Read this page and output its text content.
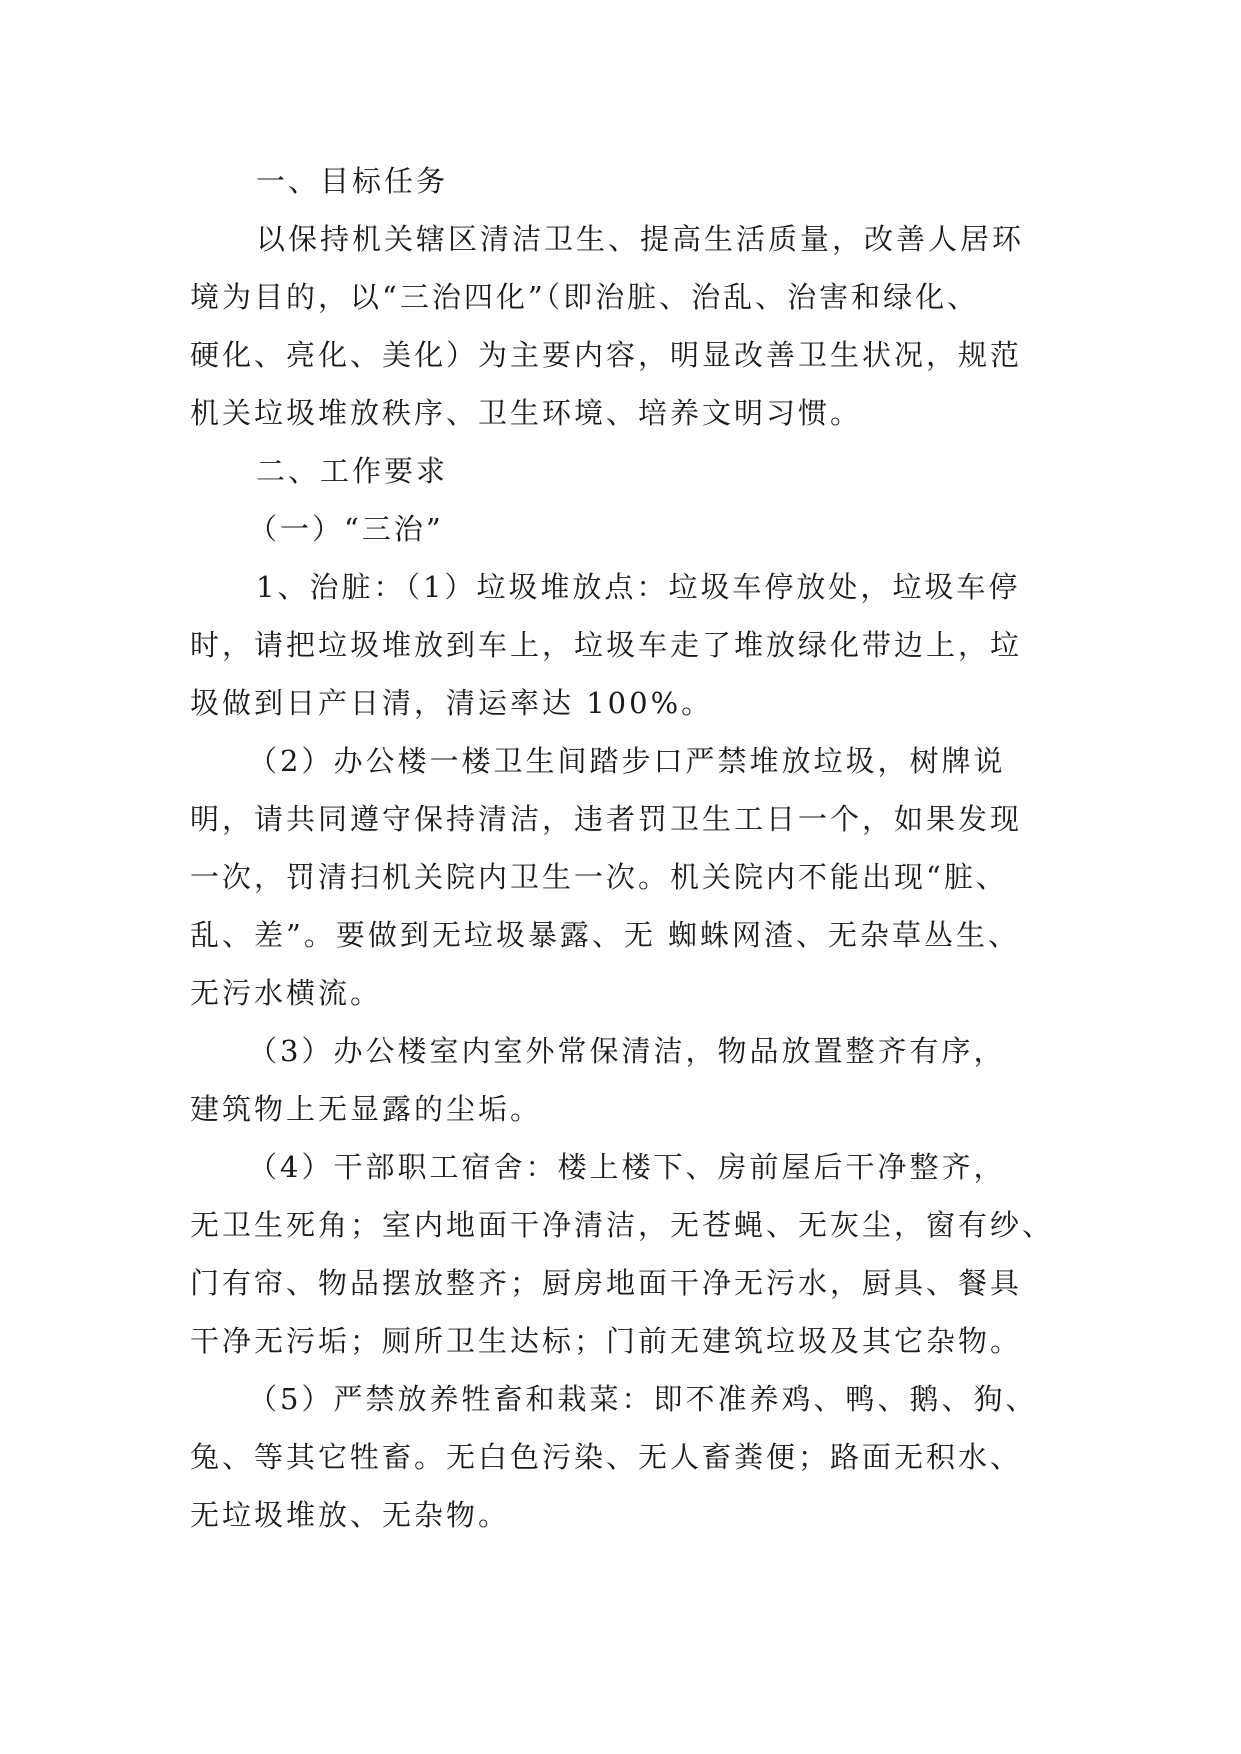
一、目标任务

以保持机关辖区清洁卫生、提高生活质量，改善人居环
境为目的，以“三治四化”（即治脏、治乱、治害和绿化、
硬化、亮化、美化）为主要内容，明显改善卫生状况，规范
机关垃圾堆放秩序、卫生环境、培养文明习惯。

二、工作要求

（一）“三治”

1、治脏：（1）垃圾堆放点：垃圾车停放处，垃圾车停
时，请把垃圾堆放到车上，垃圾车走了堆放绿化带边上，垃
圾做到日产日清，清运率达 100%。

（2）办公楼一楼卫生间踏步口严禁堆放垃圾，树牌说
明，请共同遵守保持清洁，违者罚卫生工日一个，如果发现
一次，罚清扫机关院内卫生一次。机关院内不能出现“脏、
乱、差”。要做到无垃圾暴露、无 蜘蛛网渣、无杂草丛生、
无污水横流。

（3）办公楼室内室外常保清洁，物品放置整齐有序，
建筑物上无显露的尘垢。

（4）干部职工宿舍：楼上楼下、房前屋后干净整齐，
无卫生死角；室内地面干净清洁，无苍蝇、无灰尘，窗有纱、
门有帘、物品摆放整齐；厨房地面干净无污水，厨具、餐具
干净无污垢；厕所卫生达标；门前无建筑垃圾及其它杂物。

（5）严禁放养牲畜和栽菜：即不准养鸡、鸭、鹅、狗、
兔、等其它牲畜。无白色污染、无人畜粪便；路面无积水、
无垃圾堆放、无杂物。
